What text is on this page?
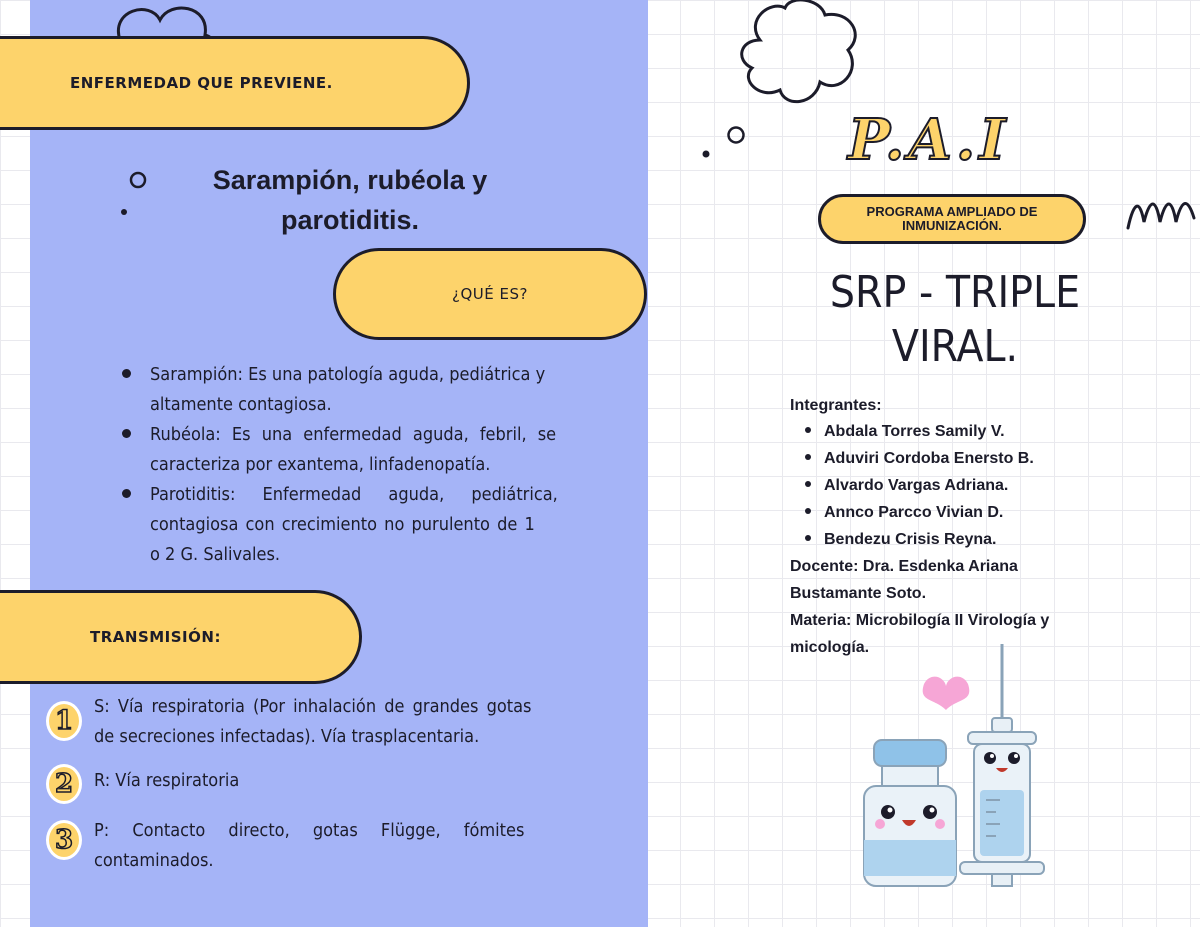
ENFERMEDAD QUE PREVIENE.
Sarampión, rubéola y
parotiditis.
¿QUÉ ES?
Sarampión: Es una patología aguda, pediátrica y
altamente contagiosa.
Rubéola: Es una enfermedad aguda, febril, se
caracteriza por exantema, linfadenopatía.
Parotiditis: Enfermedad aguda, pediátrica,
contagiosa con crecimiento no purulento de 1
o 2 G. Salivales.
TRANSMISIÓN:
1	S: Vía respiratoria (Por inhalación de grandes gotas
de secreciones infectadas). Vía trasplacentaria.
2	R: Vía respiratoria
3	P: Contacto directo, gotas Flügge, fómites
contaminados.
P.A.I
PROGRAMA AMPLIADO DE INMUNIZACIÓN.
SRP - TRIPLE
VIRAL.
Integrantes:
Abdala Torres Samily V.
Aduviri Cordoba Enersto B.
Alvardo Vargas Adriana.
Annco Parcco Vivian D.
Bendezu Crisis Reyna.
Docente: Dra. Esdenka Ariana
Bustamante Soto.
Materia: Microbilogía II Virología y
micología.
